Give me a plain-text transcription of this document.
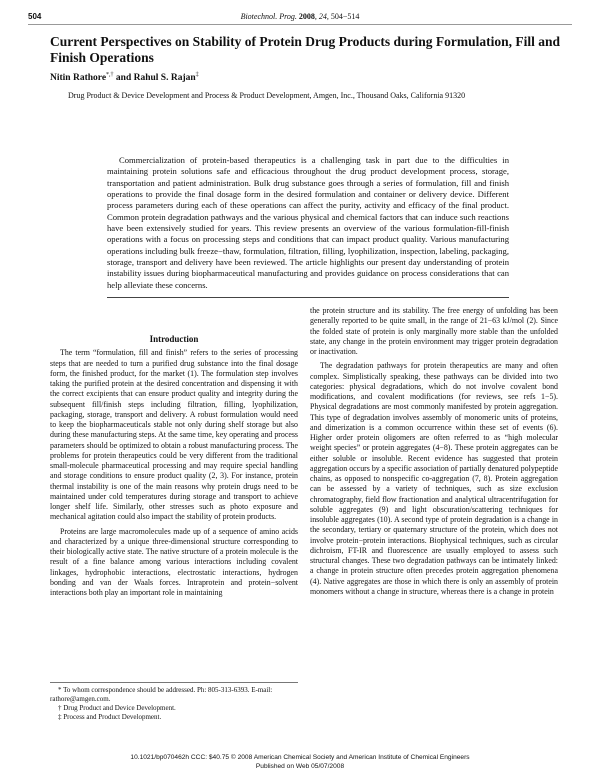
504	Biotechnol. Prog. 2008, 24, 504−514
Current Perspectives on Stability of Protein Drug Products during Formulation, Fill and Finish Operations

Nitin Rathore*,† and Rahul S. Rajan‡

Drug Product & Device Development and Process & Product Development, Amgen, Inc., Thousand Oaks, California 91320

Commercialization of protein-based therapeutics is a challenging task in part due to the difficulties in maintaining protein solutions safe and efficacious throughout the drug product development process, storage, transportation and patient administration. Bulk drug substance goes through a series of formulation, fill and finish operations to provide the final dosage form in the desired formulation and container or delivery device. Different process parameters during each of these operations can affect the purity, activity and efficacy of the final product. Common protein degradation pathways and the various physical and chemical factors that can induce such reactions have been extensively studied for years. This review presents an overview of the various formulation-fill-finish operations with a focus on processing steps and conditions that can impact product quality. Various manufacturing operations including bulk freeze−thaw, formulation, filtration, filling, lyophilization, inspection, labeling, packaging, storage, transport and delivery have been reviewed. The article highlights our present day understanding of protein instability issues during biopharmaceutical manufacturing and provides guidance on process considerations that can help alleviate these concerns.

Introduction

The term “formulation, fill and finish” refers to the series of processing steps that are needed to turn a purified drug substance into the final dosage form, the finished product, for the market (1). The formulation step involves taking the purified protein at the desired concentration and dispensing it with the correct excipients that can ensure product quality and integrity during the subsequent fill/finish steps including filtration, filling, lyophilization, packaging, storage, transport and delivery. A robust formulation would need to keep the biopharmaceuticals stable not only during shelf storage but also during these manufacturing steps. At the same time, key operating and process parameters should be optimized to obtain a robust manufacturing process. The problems for protein therapeutics could be very different from the traditional small-molecule pharmaceutical processing and may require special handling and storage conditions to ensure product quality (2, 3). For instance, protein thermal instability is one of the main reasons why protein drugs need to be maintained under cold temperatures during storage and transport to achieve longer shelf life. Similarly, other stresses such as photo exposure and mechanical agitation could also impact the stability of protein products.

Proteins are large macromolecules made up of a sequence of amino acids and characterized by a unique three-dimensional structure corresponding to their biologically active state. The native structure of a protein molecule is the result of a fine balance among various interactions including covalent linkages, hydrophobic interactions, electrostatic interactions, hydrogen bonding and van der Waals forces. Intraprotein and protein−solvent interactions both play an important role in maintaining

the protein structure and its stability. The free energy of unfolding has been generally reported to be quite small, in the range of 21−63 kJ/mol (2). Since the folded state of protein is only marginally more stable than the unfolded state, any change in the protein environment may trigger protein degradation or inactivation.

The degradation pathways for protein therapeutics are many and often complex. Simplistically speaking, these pathways can be divided into two categories: physical degradations, which do not involve covalent bond modifications, and covalent modifications (for reviews, see refs 1−5). Physical degradations are most commonly manifested by protein aggregation. This type of degradation involves assembly of monomeric units of proteins, and dimerization is a common occurrence within these set of events (6). Higher order protein oligomers are often referred to as “high molecular weight species” or protein aggregates (4−8). These protein aggregates can be either soluble or insoluble. Recent evidence has suggested that protein aggregation occurs by a specific association of partially denatured polypeptide chains, as opposed to nonspecific co-aggregation (7, 8). Protein aggregation can be assessed by a variety of techniques, such as size exclusion chromatography, field flow fractionation and analytical ultracentrifugation for soluble aggregates (9) and light obscuration/scattering techniques for insoluble aggregates (10). A second type of protein degradation is a change in the secondary, tertiary or quaternary structure of the protein, which does not involve protein−protein interactions. Biophysical techniques, such as circular dichroism, FT-IR and fluorescence are usually employed to assess such structural changes. These two degradation pathways can be intimately linked: a change in protein structure often precedes protein aggregation phenomena (4). Native aggregates are those in which there is only an assembly of protein monomers without a change in structure, whereas there is a change in protein

* To whom correspondence should be addressed. Ph: 805-313-6393. E-mail: rathore@amgen.com.
† Drug Product and Device Development.
‡ Process and Product Development.
10.1021/bp070462h CCC: $40.75 © 2008 American Chemical Society and American Institute of Chemical Engineers
Published on Web 05/07/2008
